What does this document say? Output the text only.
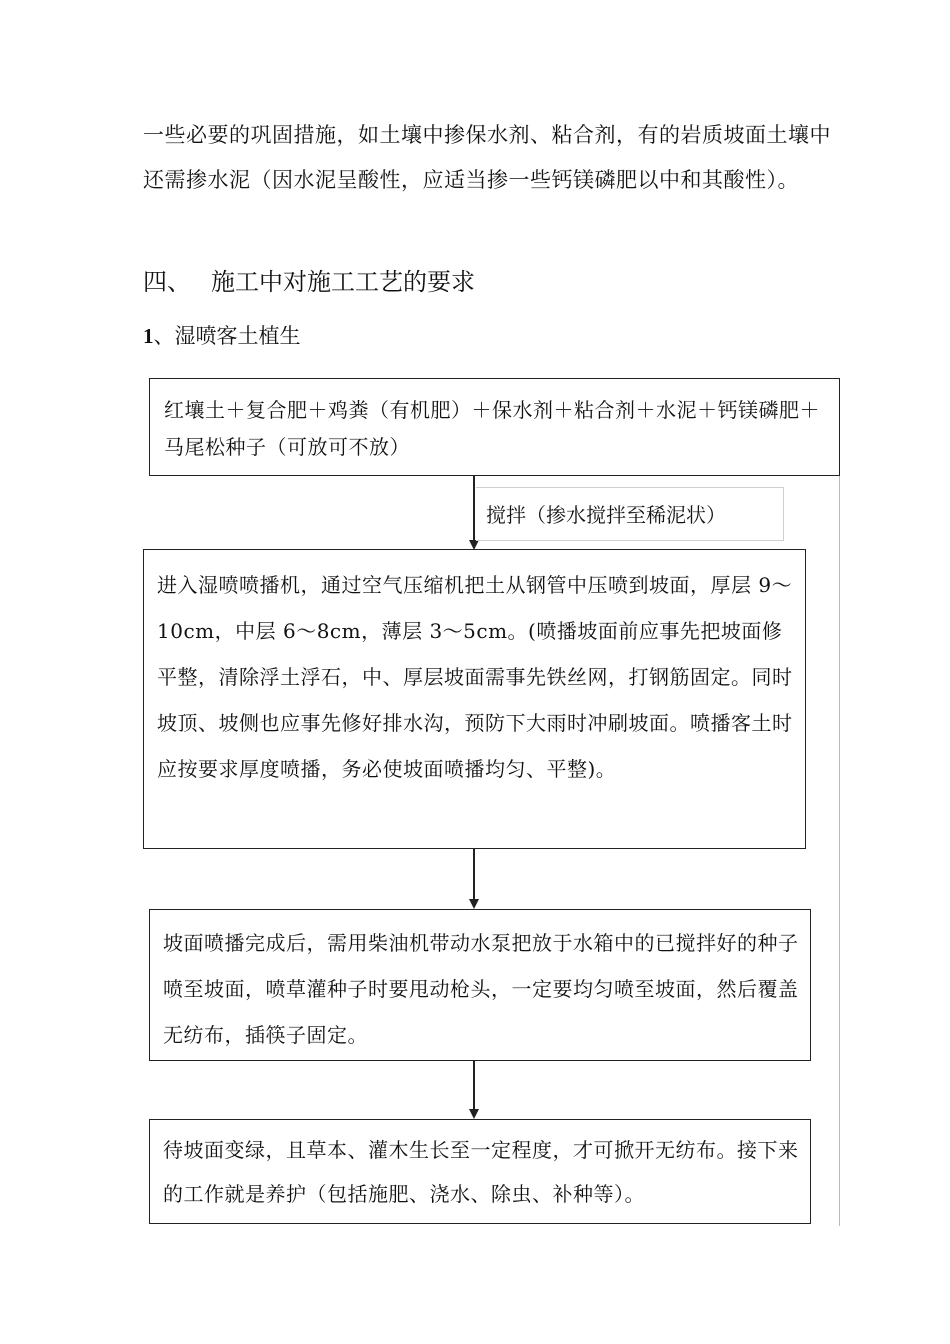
一些必要的巩固措施，如土壤中掺保水剂、粘合剂，有的岩质坡面土壤中还需掺水泥（因水泥呈酸性，应适当掺一些钙镁磷肥以中和其酸性）。
四、 施工中对施工工艺的要求
1、湿喷客土植生

红壤土＋复合肥＋鸡粪（有机肥）＋保水剂＋粘合剂＋水泥＋钙镁磷肥＋马尾松种子（可放可不放）

搅拌（掺水搅拌至稀泥状）

进入湿喷喷播机，通过空气压缩机把土从钢管中压喷到坡面，厚层 9～10cm，中层 6～8cm，薄层 3～5cm。(喷播坡面前应事先把坡面修平整，清除浮土浮石，中、厚层坡面需事先铁丝网，打钢筋固定。同时坡顶、坡侧也应事先修好排水沟，预防下大雨时冲刷坡面。喷播客土时应按要求厚度喷播，务必使坡面喷播均匀、平整)。

坡面喷播完成后，需用柴油机带动水泵把放于水箱中的已搅拌好的种子喷至坡面，喷草灌种子时要甩动枪头，一定要均匀喷至坡面，然后覆盖无纺布，插筷子固定。

待坡面变绿，且草本、灌木生长至一定程度，才可掀开无纺布。接下来的工作就是养护（包括施肥、浇水、除虫、补种等）。
